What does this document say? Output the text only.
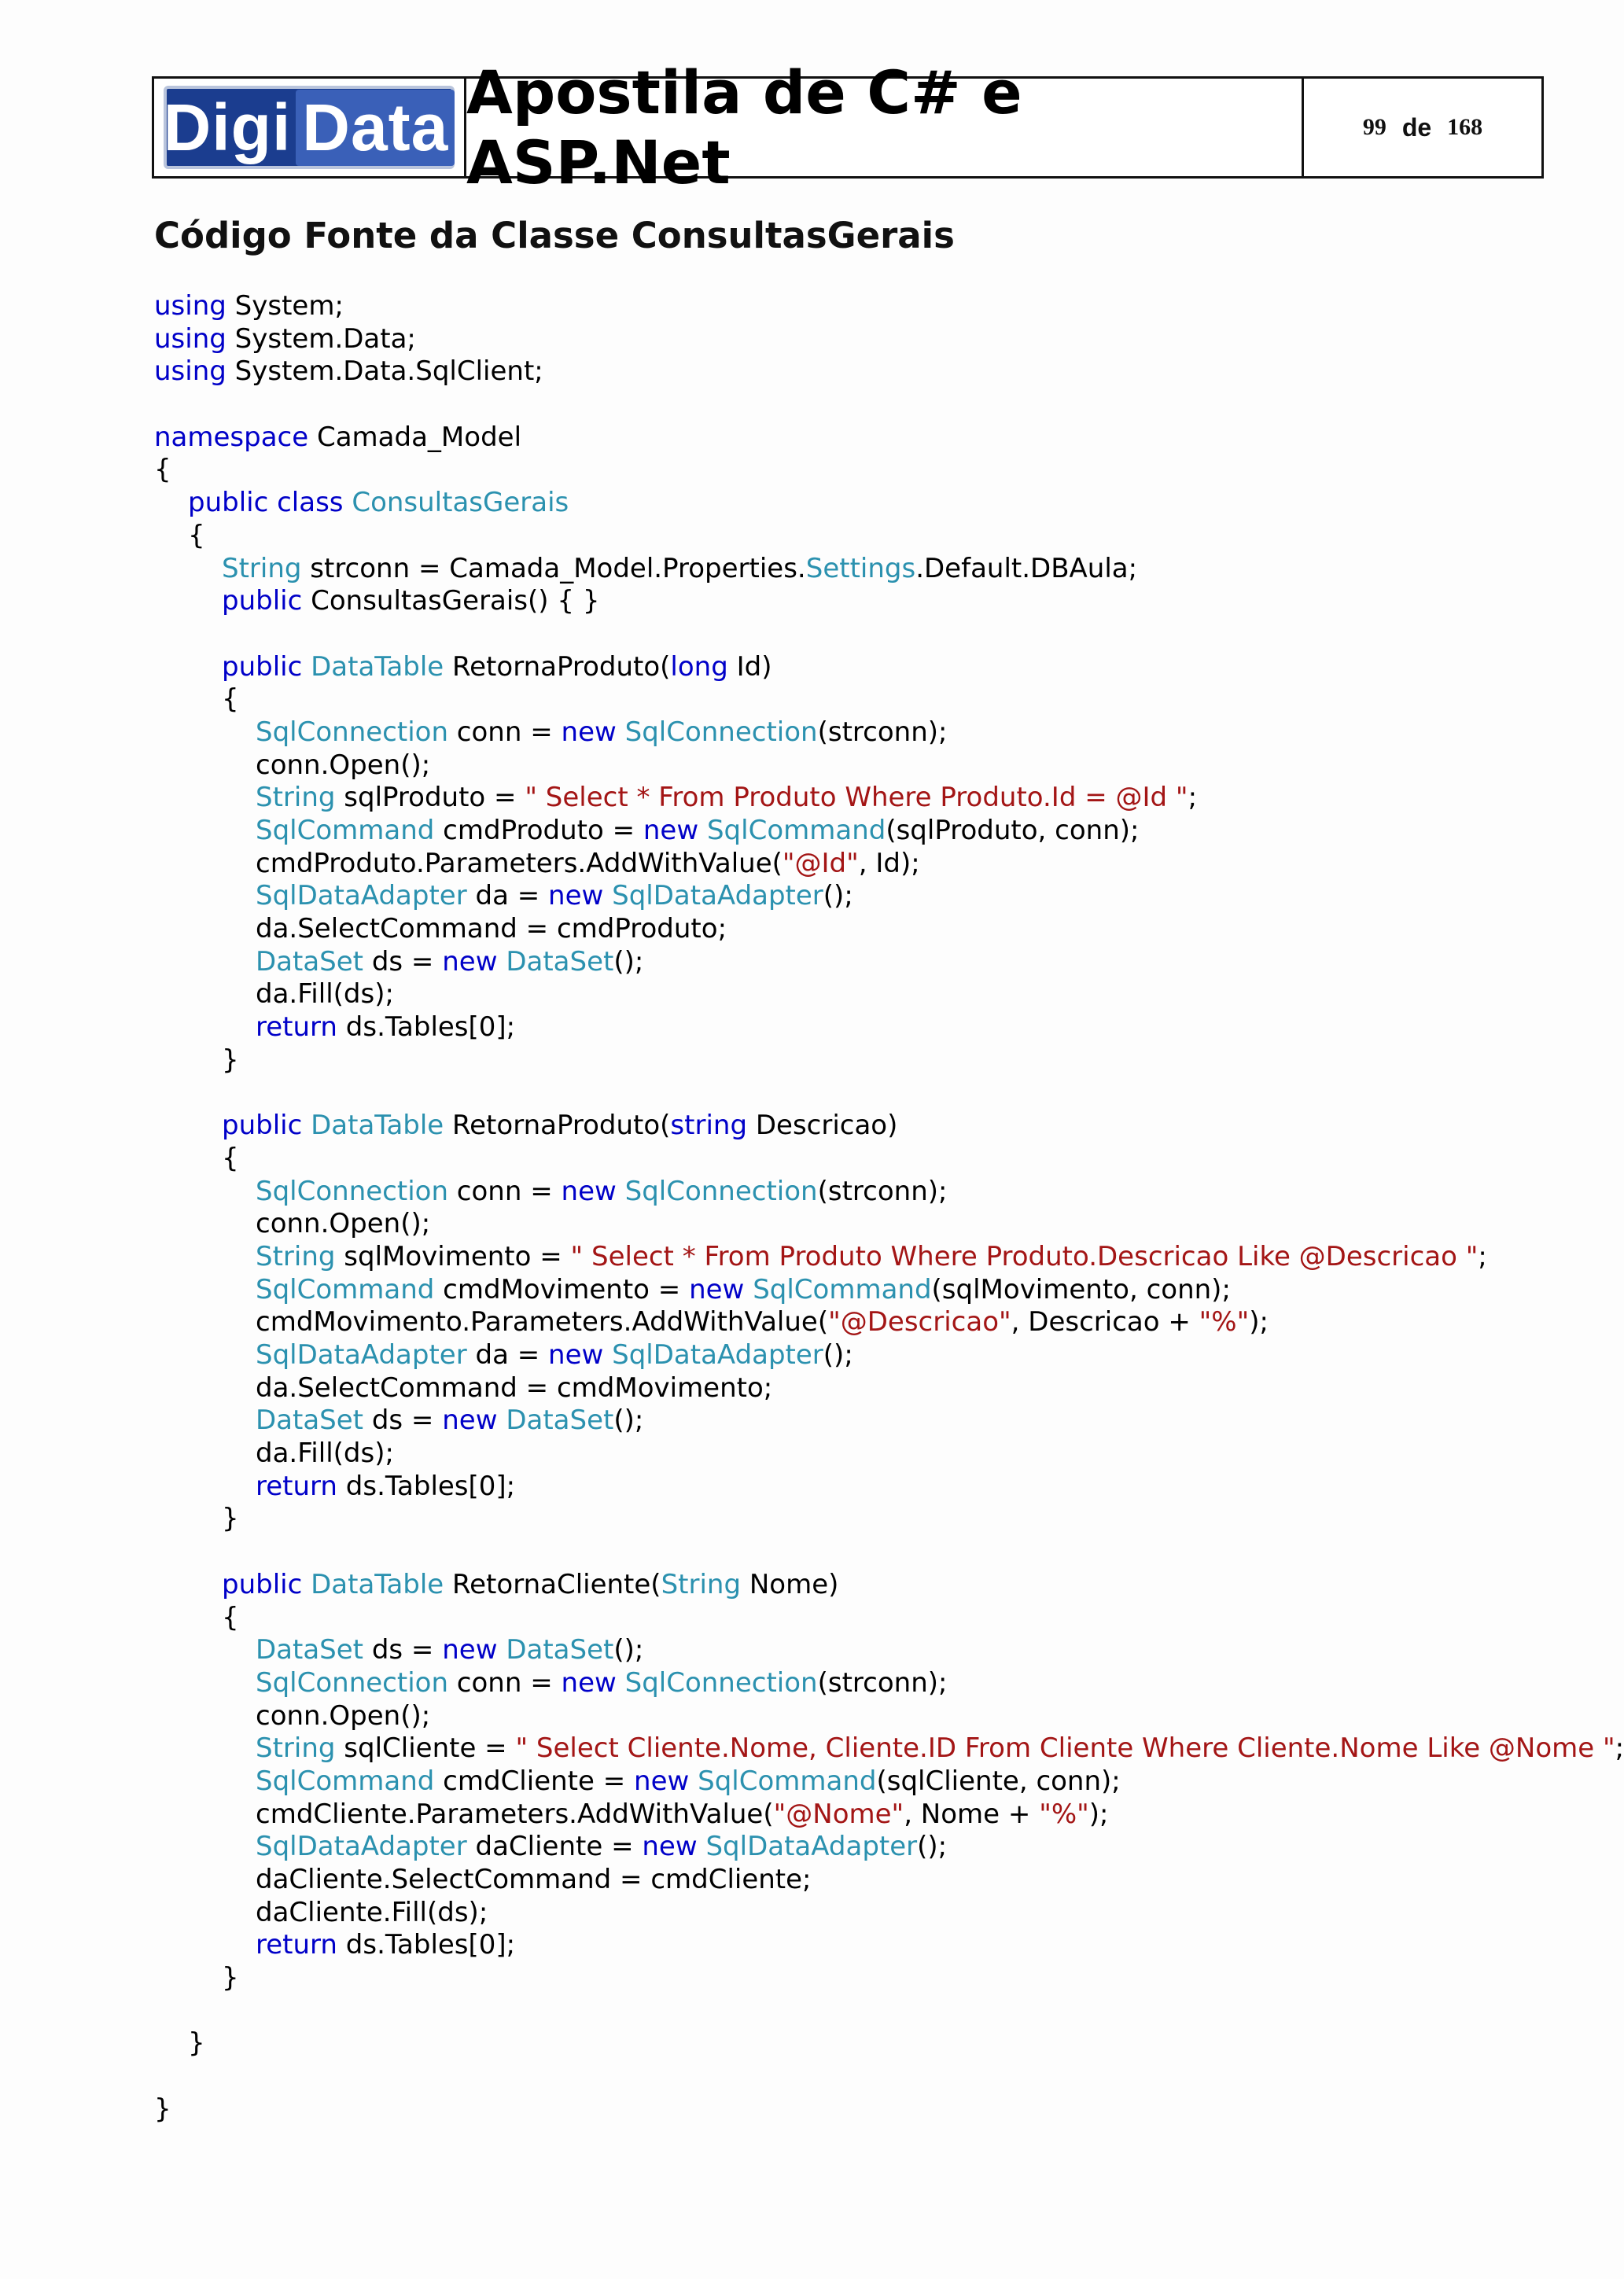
Digi Data Apostila de C# e ASP.Net
99 de 168
Código Fonte da Classe ConsultasGerais
using System;
using System.Data;
using System.Data.SqlClient;

namespace Camada_Model
{
public class ConsultasGerais
{
String strconn = Camada_Model.Properties.Settings.Default.DBAula;
public ConsultasGerais() { }

public DataTable RetornaProduto(long Id)
{
SqlConnection conn = new SqlConnection(strconn);
conn.Open();
String sqlProduto = " Select * From Produto Where Produto.Id = @Id ";
SqlCommand cmdProduto = new SqlCommand(sqlProduto, conn);
cmdProduto.Parameters.AddWithValue("@Id", Id);
SqlDataAdapter da = new SqlDataAdapter();
da.SelectCommand = cmdProduto;
DataSet ds = new DataSet();
da.Fill(ds);
return ds.Tables[0];
}

public DataTable RetornaProduto(string Descricao)
{
SqlConnection conn = new SqlConnection(strconn);
conn.Open();
String sqlMovimento = " Select * From Produto Where Produto.Descricao Like @Descricao ";
SqlCommand cmdMovimento = new SqlCommand(sqlMovimento, conn);
cmdMovimento.Parameters.AddWithValue("@Descricao", Descricao + "%");
SqlDataAdapter da = new SqlDataAdapter();
da.SelectCommand = cmdMovimento;
DataSet ds = new DataSet();
da.Fill(ds);
return ds.Tables[0];
}

public DataTable RetornaCliente(String Nome)
{
DataSet ds = new DataSet();
SqlConnection conn = new SqlConnection(strconn);
conn.Open();
String sqlCliente = " Select Cliente.Nome, Cliente.ID From Cliente Where Cliente.Nome Like @Nome ";
SqlCommand cmdCliente = new SqlCommand(sqlCliente, conn);
cmdCliente.Parameters.AddWithValue("@Nome", Nome + "%");
SqlDataAdapter daCliente = new SqlDataAdapter();
daCliente.SelectCommand = cmdCliente;
daCliente.Fill(ds);
return ds.Tables[0];
}

}

}
